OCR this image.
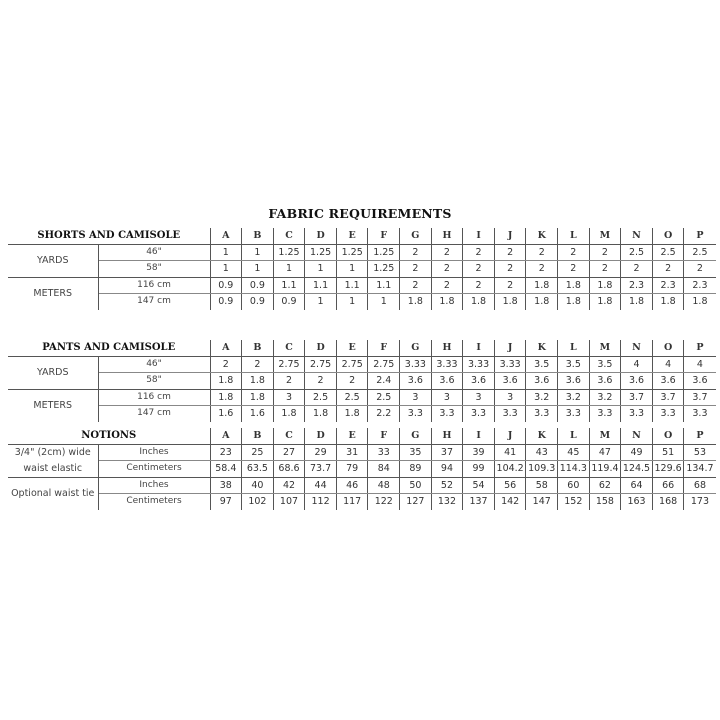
FABRIC REQUIREMENTS
SHORTS AND CAMISOLE		A	B	C	D	E	F	G	H	I	J	K	L	M	N	O	P
YARDS	46"	1	1	1.25	1.25	1.25	1.25	2	2	2	2	2	2	2	2.5	2.5	2.5
	58"	1	1	1	1	1	1.25	2	2	2	2	2	2	2	2	2	2
METERS	116 cm	0.9	0.9	1.1	1.1	1.1	1.1	2	2	2	2	1.8	1.8	1.8	2.3	2.3	2.3
	147 cm	0.9	0.9	0.9	1	1	1	1.8	1.8	1.8	1.8	1.8	1.8	1.8	1.8	1.8	1.8
PANTS AND CAMISOLE		A	B	C	D	E	F	G	H	I	J	K	L	M	N	O	P
YARDS	46"	2	2	2.75	2.75	2.75	2.75	3.33	3.33	3.33	3.33	3.5	3.5	3.5	4	4	4
	58"	1.8	1.8	2	2	2	2.4	3.6	3.6	3.6	3.6	3.6	3.6	3.6	3.6	3.6	3.6
METERS	116 cm	1.8	1.8	3	2.5	2.5	2.5	3	3	3	3	3.2	3.2	3.2	3.7	3.7	3.7
	147 cm	1.6	1.6	1.8	1.8	1.8	2.2	3.3	3.3	3.3	3.3	3.3	3.3	3.3	3.3	3.3	3.3
NOTIONS		A	B	C	D	E	F	G	H	I	J	K	L	M	N	O	P
3/4" (2cm) wide waist elastic	Inches	23	25	27	29	31	33	35	37	39	41	43	45	47	49	51	53
	Centimeters	58.4	63.5	68.6	73.7	79	84	89	94	99	104.2	109.3	114.3	119.4	124.5	129.6	134.7
Optional waist tie	Inches	38	40	42	44	46	48	50	52	54	56	58	60	62	64	66	68
	Centimeters	97	102	107	112	117	122	127	132	137	142	147	152	158	163	168	173
